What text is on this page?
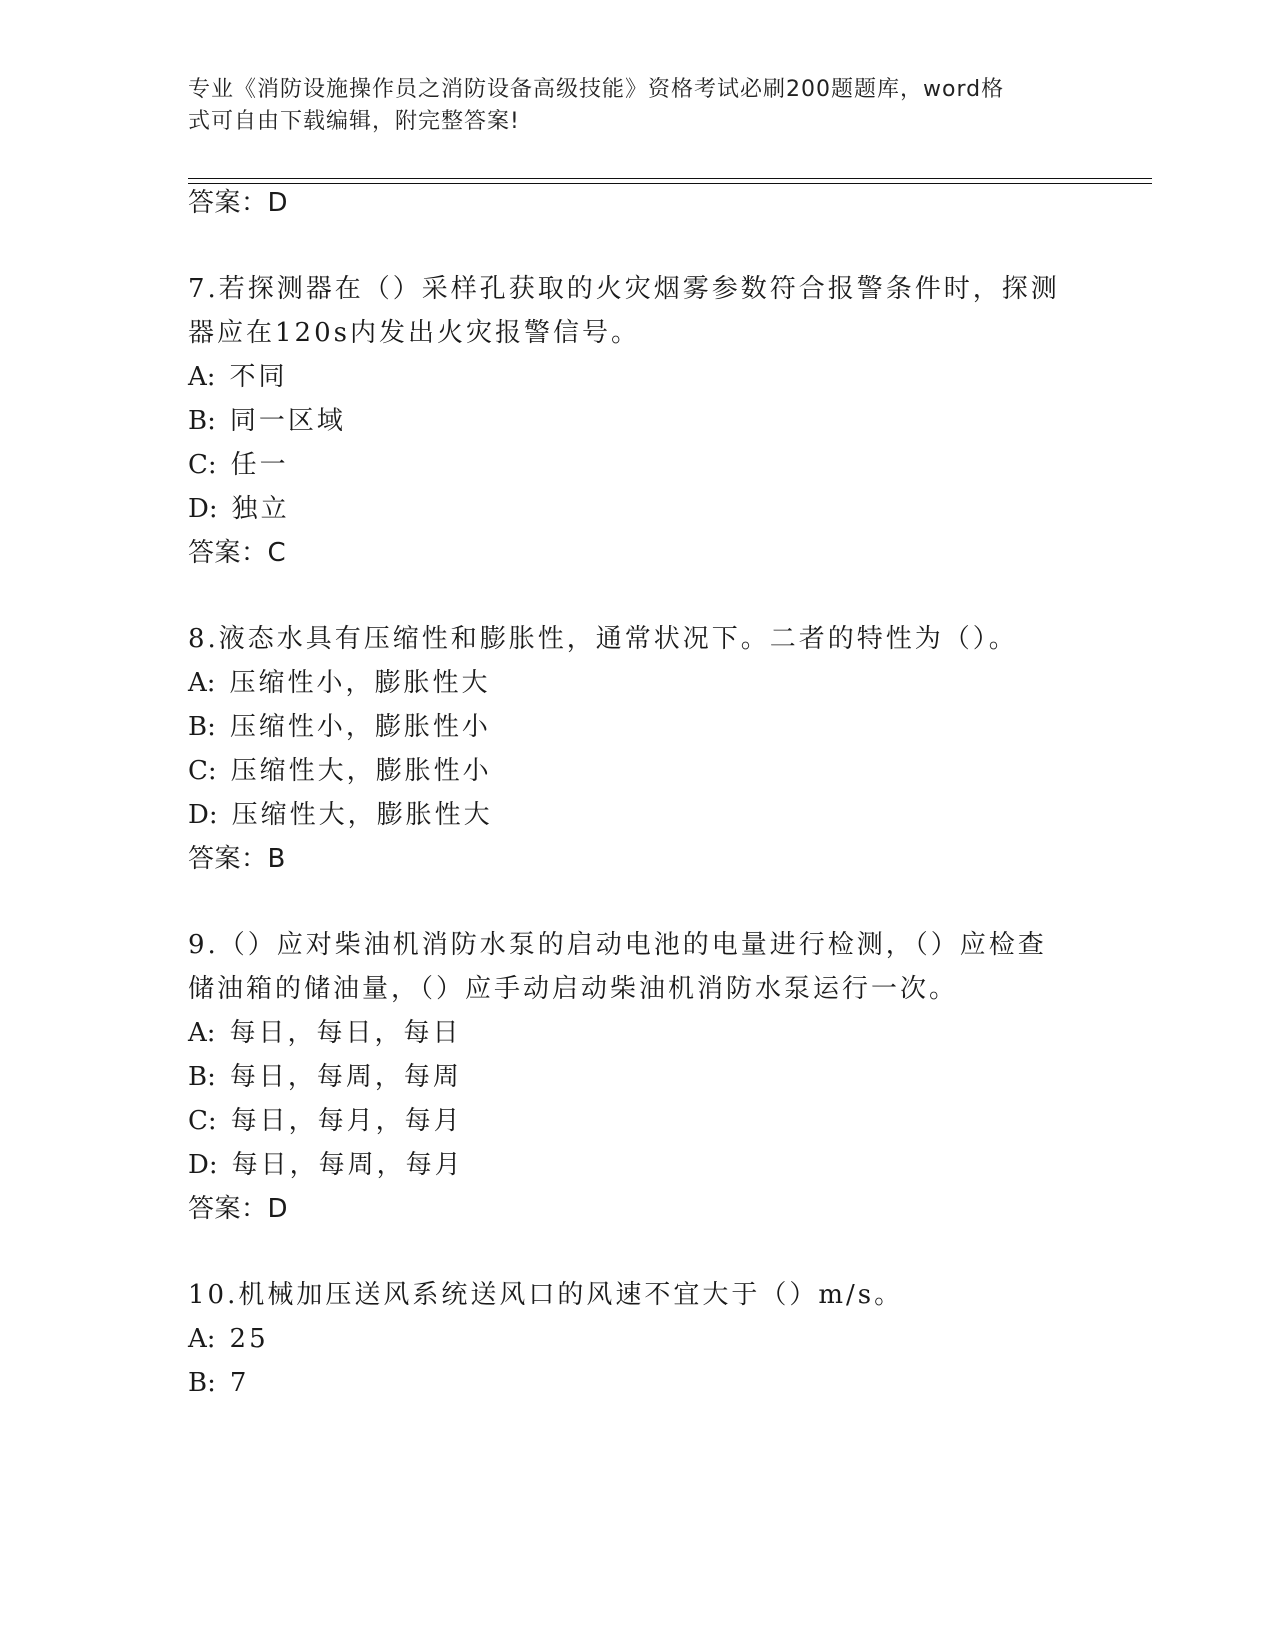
专业《消防设施操作员之消防设备高级技能》资格考试必刷200题题库，word格
式可自由下载编辑，附完整答案!
答案：D
7.若探测器在（）采样孔获取的火灾烟雾参数符合报警条件时，探测
器应在120s内发出火灾报警信号。
A: 不同
B: 同一区域
C: 任一
D: 独立
答案：C
8.液态水具有压缩性和膨胀性，通常状况下。二者的特性为（）。
A: 压缩性小，膨胀性大
B: 压缩性小，膨胀性小
C: 压缩性大，膨胀性小
D: 压缩性大，膨胀性大
答案：B
9.（）应对柴油机消防水泵的启动电池的电量进行检测，（）应检查
储油箱的储油量，（）应手动启动柴油机消防水泵运行一次。
A: 每日，每日，每日
B: 每日，每周，每周
C: 每日，每月，每月
D: 每日，每周，每月
答案：D
10.机械加压送风系统送风口的风速不宜大于（）m/s。
A: 25
B: 7
